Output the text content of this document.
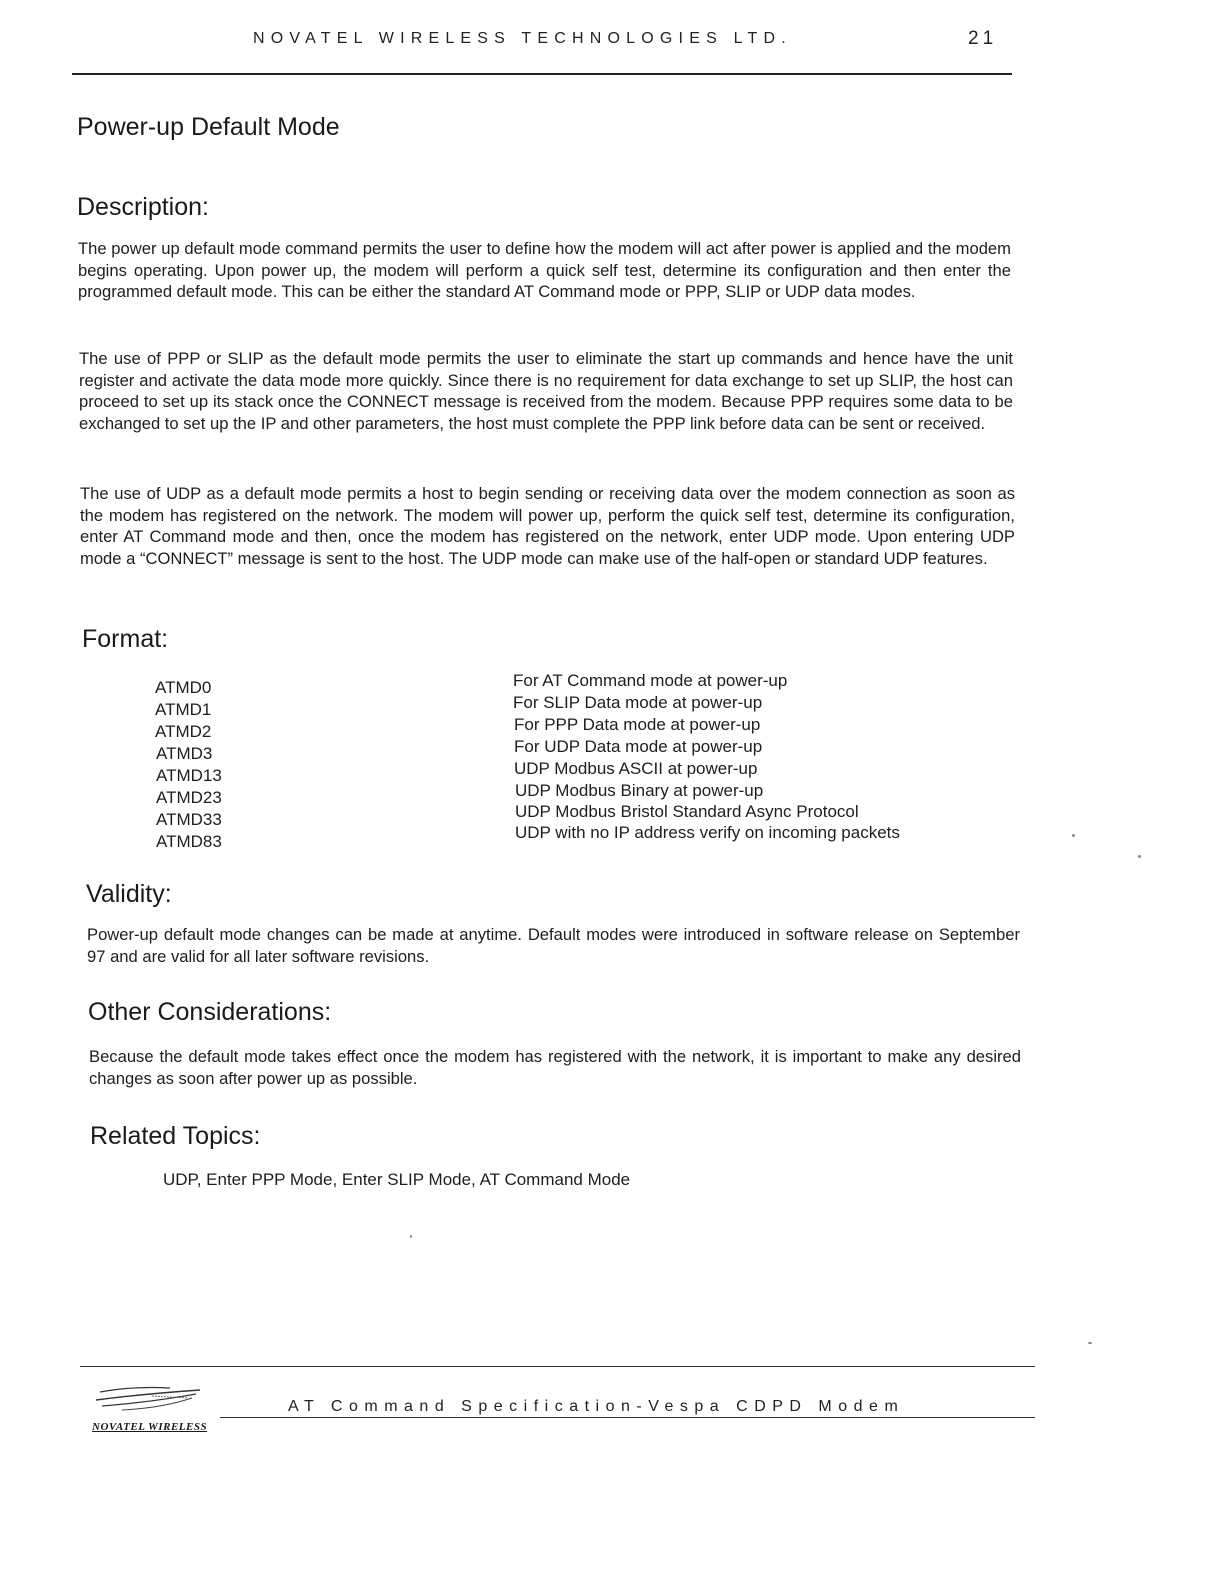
NOVATEL WIRELESS TECHNOLOGIES LTD.	21
Power-up Default Mode
Description:

The power up default mode command permits the user to define how the modem will act after power is applied and the modem begins operating. Upon power up, the modem will perform a quick self test, determine its configuration and then enter the programmed default mode. This can be either the standard AT Command mode or PPP, SLIP or UDP data modes.

The use of PPP or SLIP as the default mode permits the user to eliminate the start up commands and hence have the unit register and activate the data mode more quickly. Since there is no requirement for data exchange to set up SLIP, the host can proceed to set up its stack once the CONNECT message is received from the modem. Because PPP requires some data to be exchanged to set up the IP and other parameters, the host must complete the PPP link before data can be sent or received.

The use of UDP as a default mode permits a host to begin sending or receiving data over the modem connection as soon as the modem has registered on the network. The modem will power up, perform the quick self test, determine its configuration, enter AT Command mode and then, once the modem has registered on the network, enter UDP mode. Upon entering UDP mode a “CONNECT” message is sent to the host. The UDP mode can make use of the half-open or standard UDP features.

Format:
ATMD0	For AT Command mode at power-up
ATMD1	For SLIP Data mode at power-up
ATMD2	For PPP Data mode at power-up
ATMD3	For UDP Data mode at power-up
ATMD13	UDP Modbus ASCII at power-up
ATMD23	UDP Modbus Binary at power-up
ATMD33	UDP Modbus Bristol Standard Async Protocol
ATMD83	UDP with no IP address verify on incoming packets
Validity:

Power-up default mode changes can be made at anytime. Default modes were introduced in software release on September 97 and are valid for all later software revisions.

Other Considerations:

Because the default mode takes effect once the modem has registered with the network, it is important to make any desired changes as soon after power up as possible.

Related Topics:
UDP, Enter PPP Mode, Enter SLIP Mode, AT Command Mode
NOVATEL WIRELESS
AT Command Specification-Vespa CDPD Modem
